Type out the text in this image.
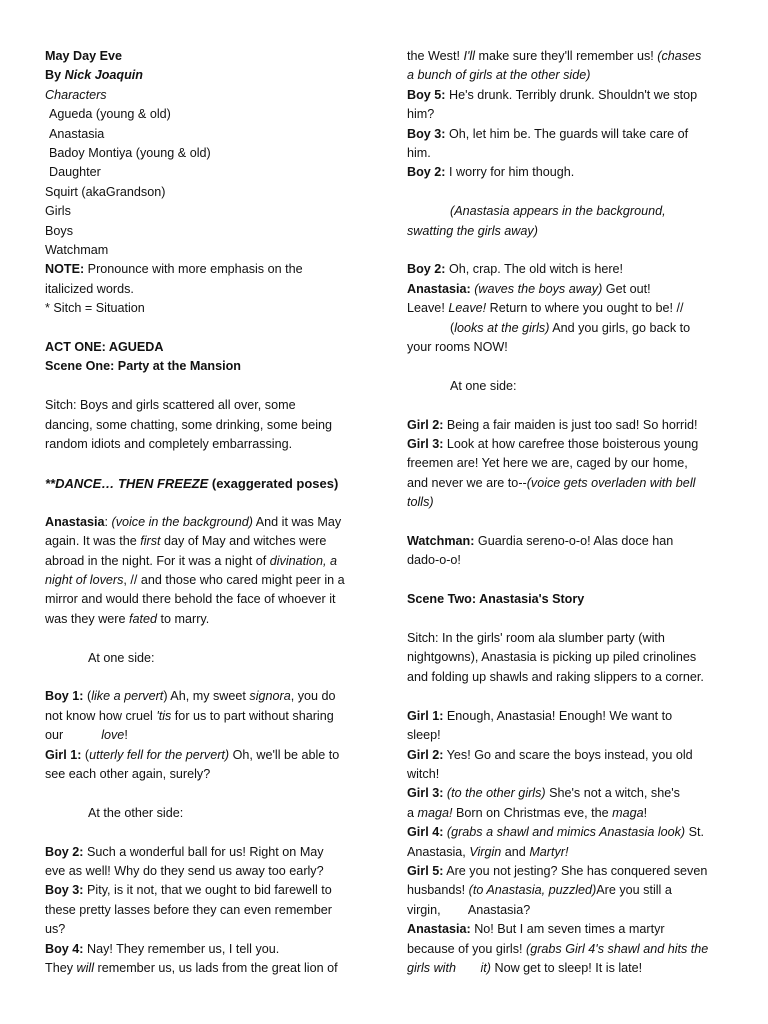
May Day Eve

By Nick Joaquin

Characters

Agueda (young & old)

Anastasia

Badoy Montiya (young & old)

Daughter

Squirt (akaGrandson)

Girls

Boys

Watchmam

NOTE: Pronounce with more emphasis on the

italicized words.

* Sitch = Situation

ACT ONE: AGUEDA

Scene One: Party at the Mansion

Sitch: Boys and girls scattered all over, some

dancing, some chatting, some drinking, some being

random idiots and completely embarrassing.

**DANCE… THEN FREEZE (exaggerated poses)

Anastasia: (voice in the background) And it was May

again. It was the first day of May and witches were

abroad in the night. For it was a night of divination, a

night of lovers, // and those who cared might peer in a

mirror and would there behold the face of whoever it

was they were fated to marry.

At one side:

Boy 1: (like a pervert) Ah, my sweet signora, you do

not know how cruel 'tis for us to part without sharing

our	love!

Girl 1: (utterly fell for the pervert) Oh, we'll be able to

see each other again, surely?

At the other side:

Boy 2: Such a wonderful ball for us! Right on May

eve as well! Why do they send us away too early?

Boy 3: Pity, is it not, that we ought to bid farewell to

these pretty lasses before they can even remember

us?

Boy 4: Nay! They remember us, I tell you.

They will remember us, us lads from the great lion of

the West! I'll make sure they'll remember us! (chases

a bunch of girls at the other side)

Boy 5: He's drunk. Terribly drunk. Shouldn't we stop

him?

Boy 3: Oh, let him be. The guards will take care of

him.

Boy 2: I worry for him though.

(Anastasia appears in the background,

swatting the girls away)

Boy 2: Oh, crap. The old witch is here!

Anastasia: (waves the boys away) Get out!

Leave! Leave! Return to where you ought to be! //

(looks at the girls) And you girls, go back to

your rooms NOW!

At one side:

Girl 2: Being a fair maiden is just too sad! So horrid!

Girl 3: Look at how carefree those boisterous young

freemen are! Yet here we are, caged by our home,

and never we are to--(voice gets overladen with bell

tolls)

Watchman: Guardia sereno-o-o! Alas doce han

dado-o-o!

Scene Two: Anastasia's Story

Sitch: In the girls' room ala slumber party (with

nightgowns), Anastasia is picking up piled crinolines

and folding up shawls and raking slippers to a corner.

Girl 1: Enough, Anastasia! Enough! We want to

sleep!

Girl 2: Yes! Go and scare the boys instead, you old

witch!

Girl 3: (to the other girls) She's not a witch, she's

a maga! Born on Christmas eve, the maga!

Girl 4: (grabs a shawl and mimics Anastasia look) St.

Anastasia, Virgin and Martyr!

Girl 5: Are you not jesting? She has conquered seven

husbands! (to Anastasia, puzzled)Are you still a

virgin,        Anastasia?

Anastasia: No! But I am seven times a martyr

because of you girls! (grabs Girl 4's shawl and hits the

girls with       it) Now get to sleep! It is late!
